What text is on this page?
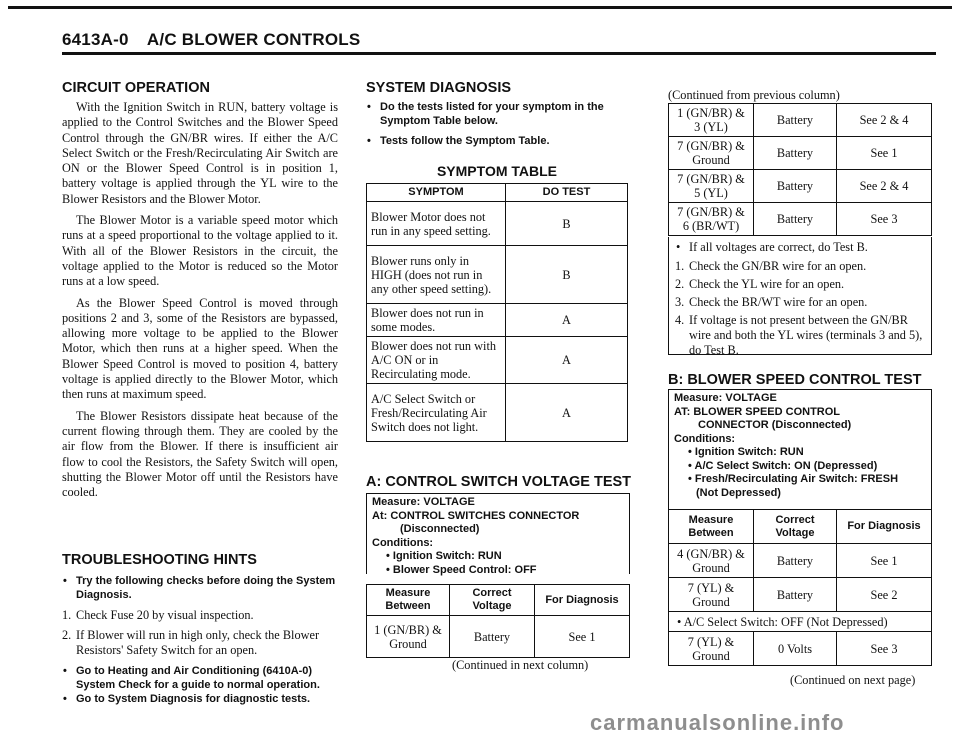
6413A-0 A/C BLOWER CONTROLS
CIRCUIT OPERATION

With the Ignition Switch in RUN, battery voltage is applied to the Control Switches and the Blower Speed Control through the GN/BR wires. If either the A/C Select Switch or the Fresh/Recirculating Air Switch are ON or the Blower Speed Control is in position 1, battery voltage is applied through the YL wire to the Blower Resistors and the Blower Motor.

The Blower Motor is a variable speed motor which runs at a speed proportional to the voltage applied to it. With all of the Blower Resistors in the circuit, the voltage applied to the Motor is reduced so the Motor runs at a low speed.

As the Blower Speed Control is moved through positions 2 and 3, some of the Resistors are bypassed, allowing more voltage to be applied to the Blower Motor, which then runs at a higher speed. When the Blower Speed Control is moved to position 4, battery voltage is applied directly to the Blower Motor, which then runs at maximum speed.

The Blower Resistors dissipate heat because of the current flowing through them. They are cooled by the air flow from the Blower. If there is insufficient air flow to cool the Resistors, the Safety Switch will open, shutting the Blower Motor off until the Resistors have cooled.

TROUBLESHOOTING HINTS
• Try the following checks before doing the System Diagnosis.
1. Check Fuse 20 by visual inspection.
2. If Blower will run in high only, check the Blower Resistors' Safety Switch for an open.
• Go to Heating and Air Conditioning (6410A-0) System Check for a guide to normal operation.
• Go to System Diagnosis for diagnostic tests.
SYSTEM DIAGNOSIS
• Do the tests listed for your symptom in the Symptom Table below.
• Tests follow the Symptom Table.
SYMPTOM TABLE
SYMPTOM	DO TEST
Blower Motor does not run in any speed setting.	B
Blower runs only in HIGH (does not run in any other speed setting).	B
Blower does not run in some modes.	A
Blower does not run with A/C ON or in Recirculating mode.	A
A/C Select Switch or Fresh/Recirculating Air Switch does not light.	A
A: CONTROL SWITCH VOLTAGE TEST
Measure: VOLTAGE
At: CONTROL SWITCHES CONNECTOR
(Disconnected)
Conditions:
• Ignition Switch: RUN
• Blower Speed Control: OFF
Measure Between	Correct Voltage	For Diagnosis
1 (GN/BR) & Ground	Battery	See 1
(Continued in next column)
(Continued from previous column)
1 (GN/BR) & 3 (YL)	Battery	See 2 & 4
7 (GN/BR) & Ground	Battery	See 1
7 (GN/BR) & 5 (YL)	Battery	See 2 & 4
7 (GN/BR) & 6 (BR/WT)	Battery	See 3
• If all voltages are correct, do Test B.
1. Check the GN/BR wire for an open.
2. Check the YL wire for an open.
3. Check the BR/WT wire for an open.
4. If voltage is not present between the GN/BR wire and both the YL wires (terminals 3 and 5), do Test B.
B: BLOWER SPEED CONTROL TEST
Measure: VOLTAGE
AT: BLOWER SPEED CONTROL
CONNECTOR (Disconnected)
Conditions:
• Ignition Switch: RUN
• A/C Select Switch: ON (Depressed)
• Fresh/Recirculating Air Switch: FRESH
(Not Depressed)
Measure Between	Correct Voltage	For Diagnosis
4 (GN/BR) & Ground	Battery	See 1
7 (YL) & Ground	Battery	See 2
• A/C Select Switch: OFF (Not Depressed)		
7 (YL) & Ground	0 Volts	See 3
(Continued on next page)
carmanualsonline.info
